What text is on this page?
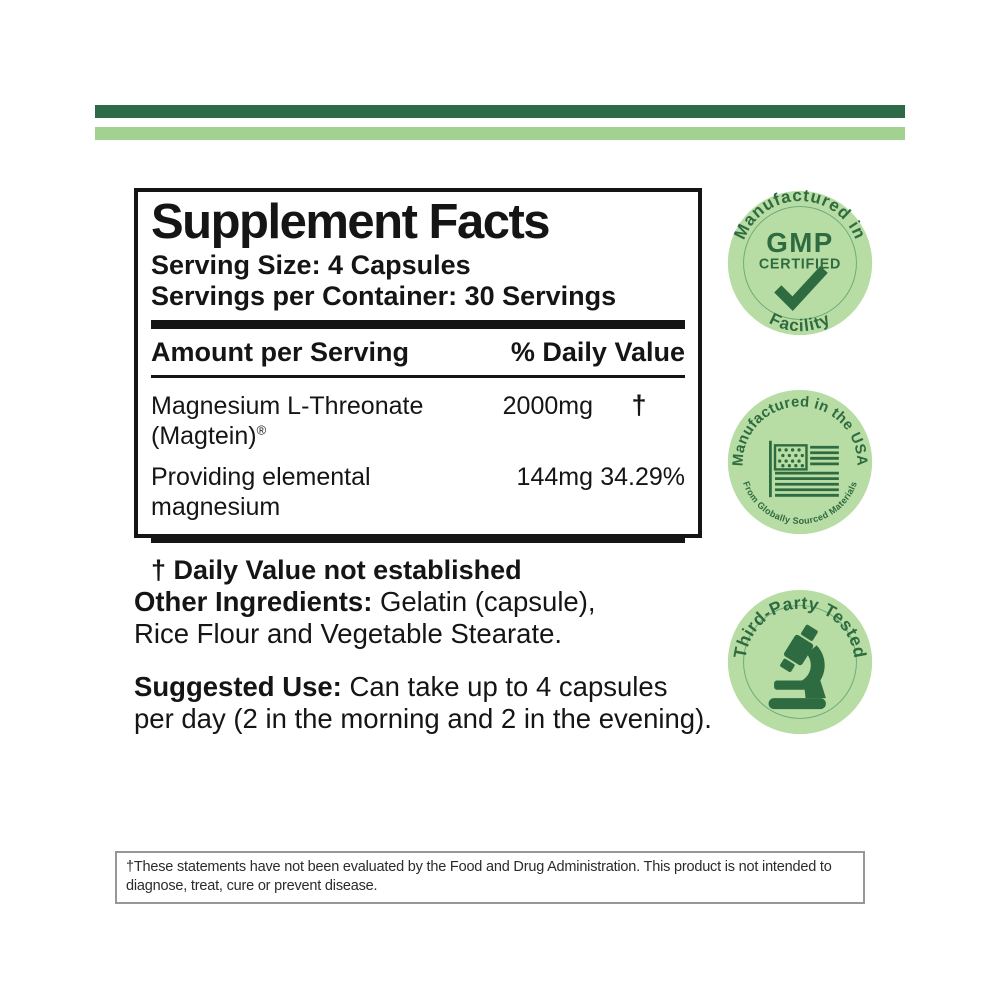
Supplement Facts
Serving Size: 4 Capsules
Servings per Container: 30 Servings
Amount per Serving	% Daily Value
Magnesium L-Threonate (Magtein)®
2000mg	†
Providing elemental magnesium
144mg 34.29%
† Daily Value not established

Other Ingredients: Gelatin (capsule),
Rice Flour and Vegetable Stearate.

Suggested Use: Can take up to 4 capsules
per day (2 in the morning and 2 in the evening).

Manufactured in
GMP
CERTIFIED
Facility
Manufactured in the USA
From Globally Sourced Materials
Third-Party Tested
†These statements have not been evaluated by the Food and Drug Administration. This product is not intended to
diagnose, treat, cure or prevent disease.
